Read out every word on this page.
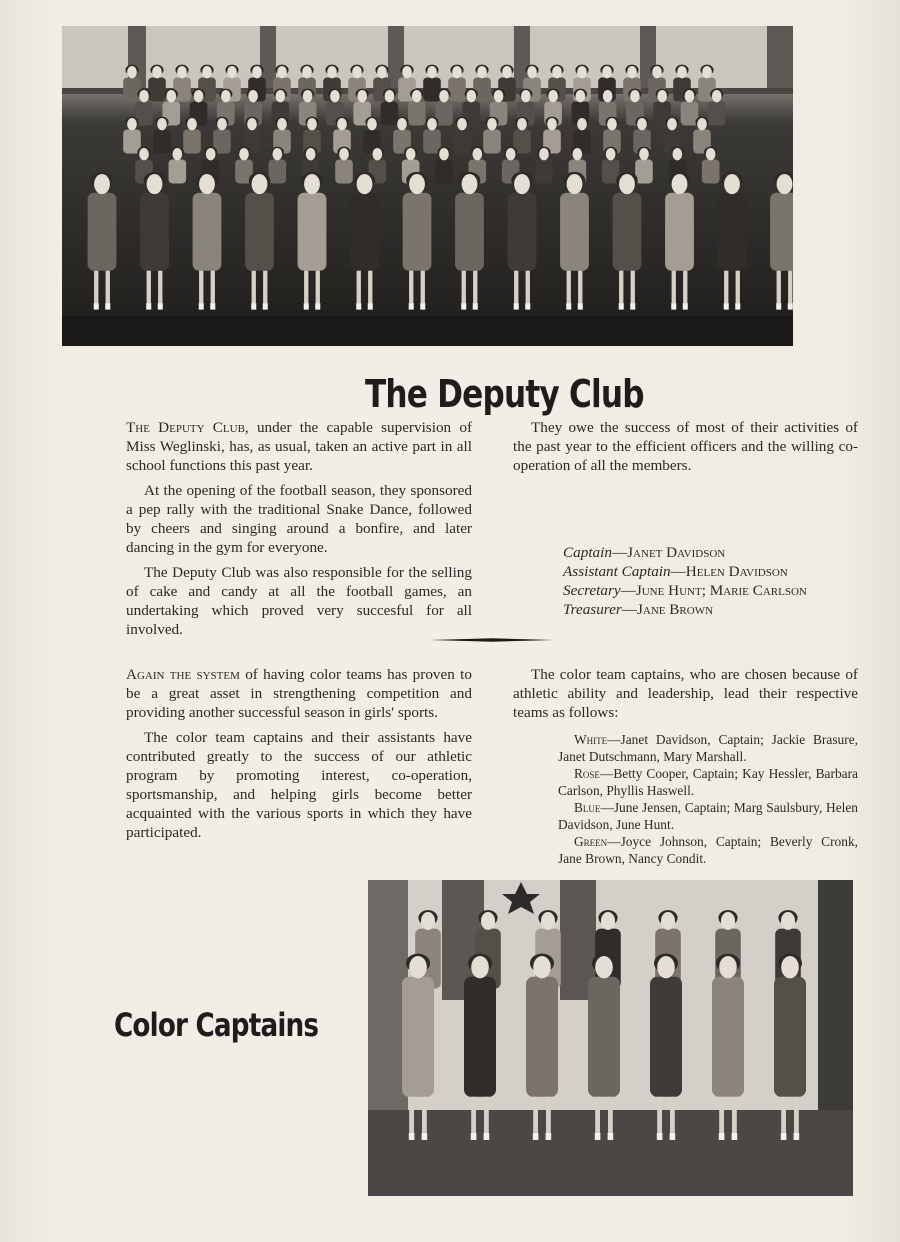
The Deputy Club

The Deputy Club, under the capable supervision of Miss Weglinski, has, as usual, taken an active part in all school functions this past year.

At the opening of the football season, they sponsored a pep rally with the traditional Snake Dance, followed by cheers and singing around a bonfire, and later dancing in the gym for everyone.

The Deputy Club was also responsible for the selling of cake and candy at all the football games, an undertaking which proved very succesful for all involved.

They owe the success of most of their activities of the past year to the efficient officers and the willing co-operation of all the members.

Captain—Janet Davidson
Assistant Captain—Helen Davidson
Secretary—June Hunt; Marie Carlson
Treasurer—Jane Brown

Again the system of having color teams has proven to be a great asset in strengthening competition and providing another successful season in girls' sports.

The color team captains and their assistants have contributed greatly to the success of our athletic program by promoting interest, co-operation, sportsmanship, and helping girls become better acquainted with the various sports in which they have participated.

The color team captains, who are chosen because of athletic ability and leadership, lead their respective teams as follows:

White—Janet Davidson, Captain; Jackie Brasure, Janet Dutschmann, Mary Marshall.

Rose—Betty Cooper, Captain; Kay Hessler, Barbara Carlson, Phyllis Haswell.

Blue—June Jensen, Captain; Marg Saulsbury, Helen Davidson, June Hunt.

Green—Joyce Johnson, Captain; Beverly Cronk, Jane Brown, Nancy Condit.

Color Captains
